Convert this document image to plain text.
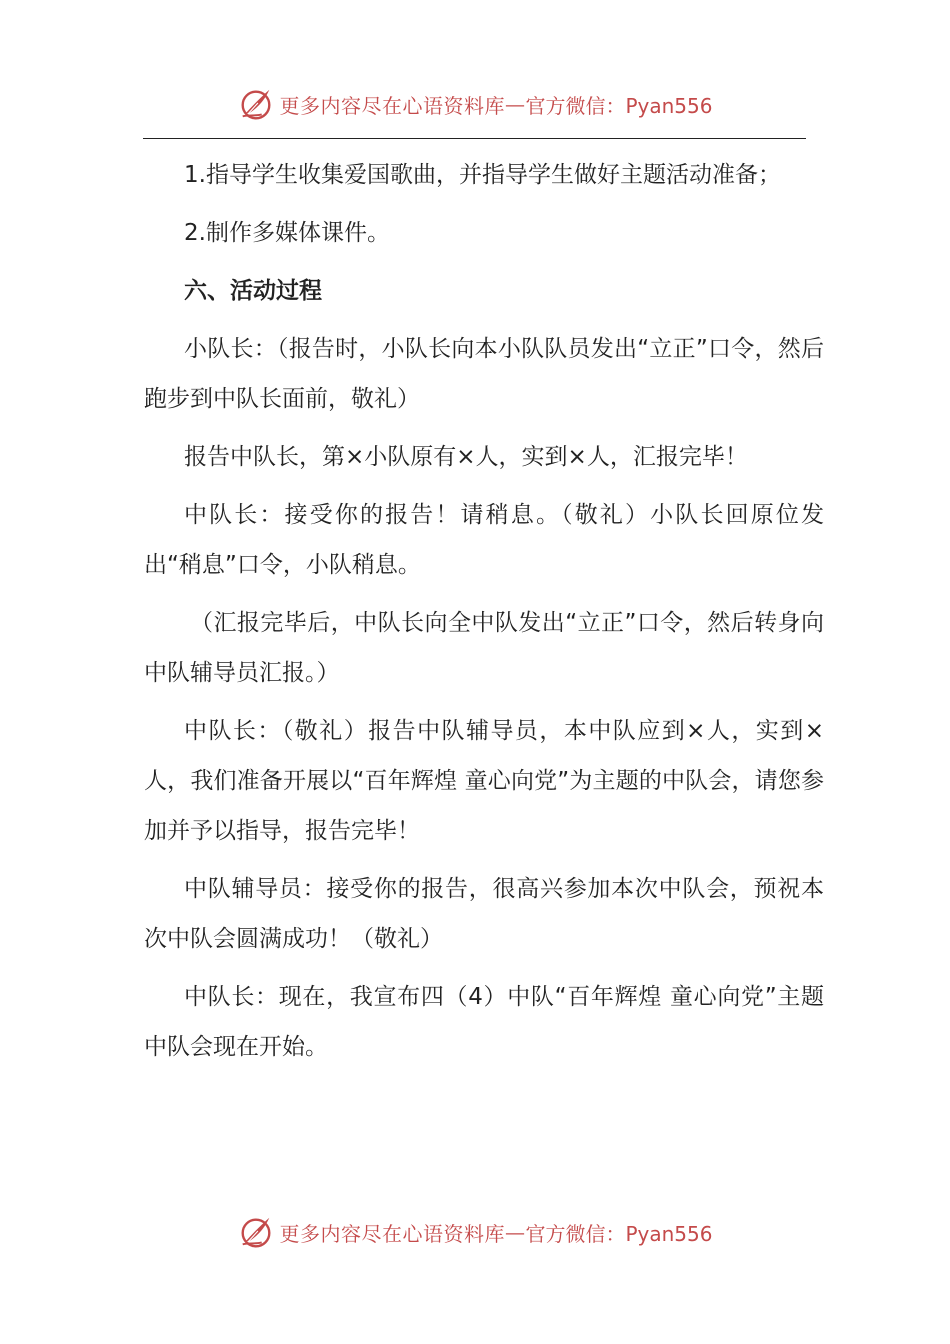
更多内容尽在心语资料库 — 官方微信：Pyan556

1.指导学生收集爱国歌曲，并指导学生做好主题活动准备；

2.制作多媒体课件。

六、活动过程

小队长：（报告时，小队长向本小队队员发出“立正”口令，然后跑步到中队长面前，敬礼）

报告中队长，第×小队原有×人，实到×人，汇报完毕！

中队长：接受你的报告！请稍息。（敬礼）小队长回原位发出“稍息”口令，小队稍息。

（汇报完毕后，中队长向全中队发出“立正”口令，然后转身向中队辅导员汇报。）

中队长：（敬礼）报告中队辅导员，本中队应到×人，实到×人，我们准备开展以“百年辉煌 童心向党”为主题的中队会，请您参加并予以指导，报告完毕！

中队辅导员：接受你的报告，很高兴参加本次中队会，预祝本次中队会圆满成功！（敬礼）

中队长：现在，我宣布四（4）中队“百年辉煌 童心向党”主题中队会现在开始。

更多内容尽在心语资料库 — 官方微信：Pyan556
